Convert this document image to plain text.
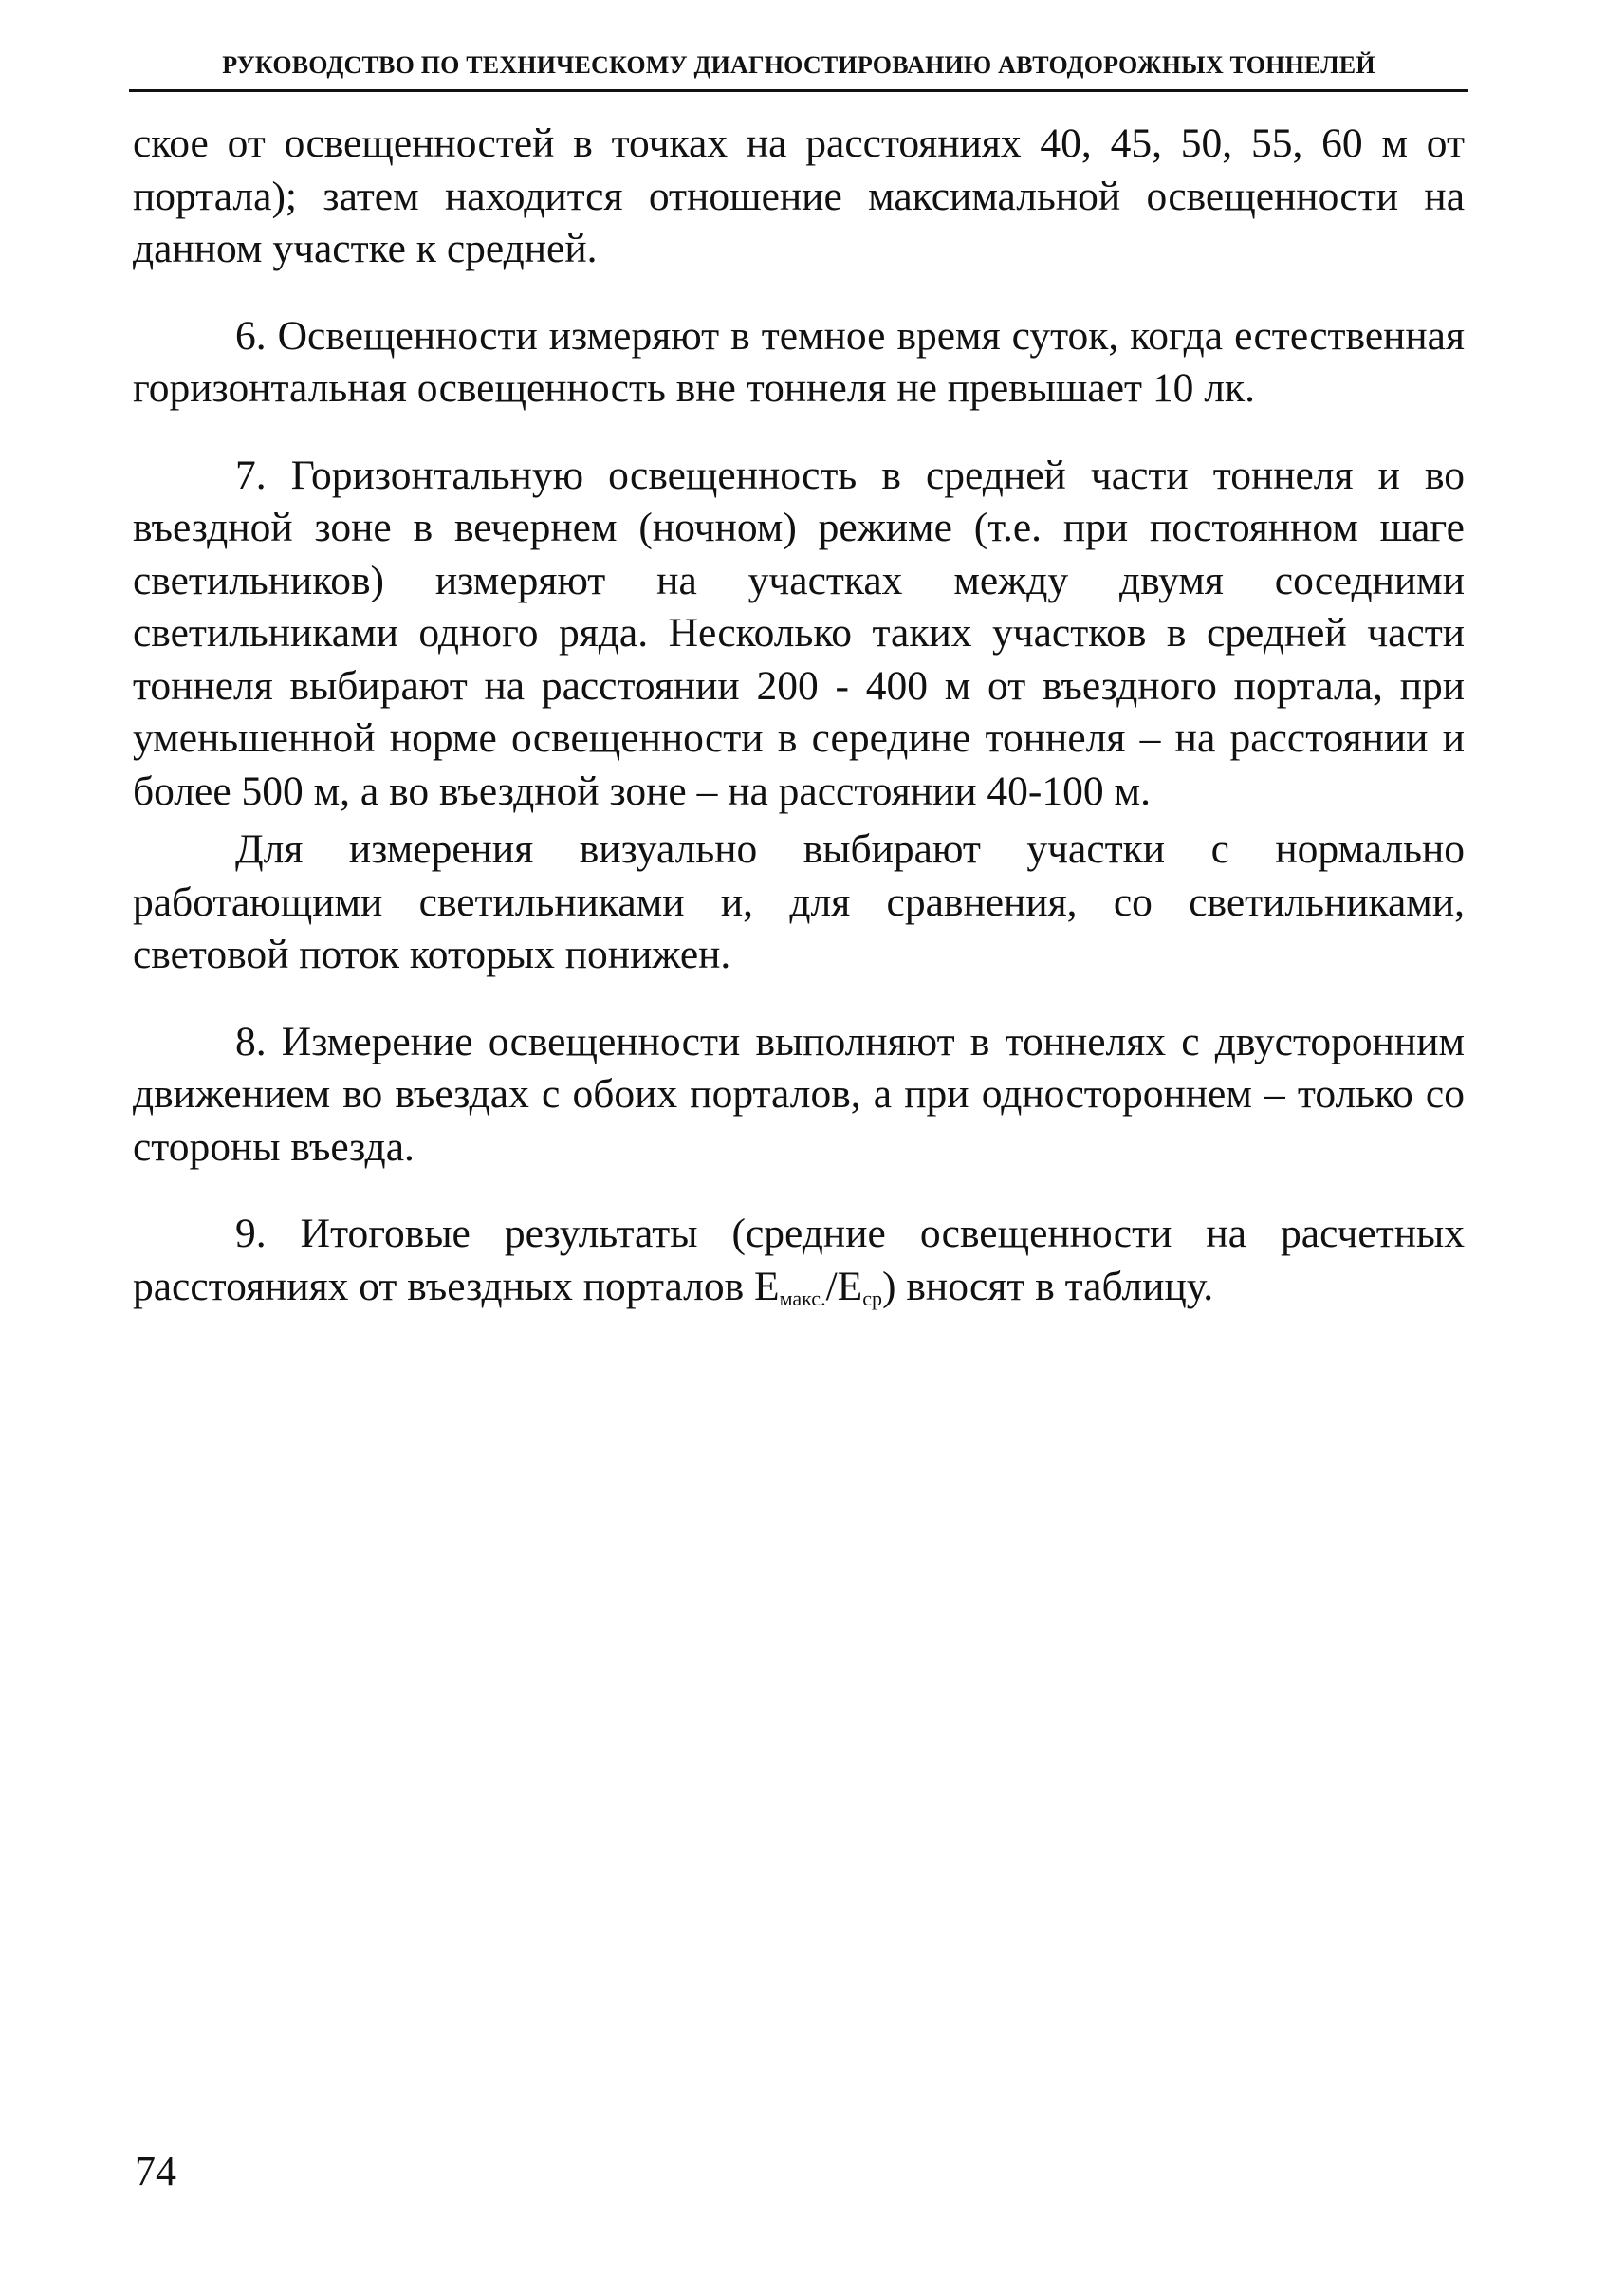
РУКОВОДСТВО ПО ТЕХНИЧЕСКОМУ ДИАГНОСТИРОВАНИЮ АВТОДОРОЖНЫХ ТОННЕЛЕЙ

ское от освещенностей в точках на расстояниях 40, 45, 50, 55, 60 м от портала); затем находится отношение максимальной освещенности на данном участке к средней.

6. Освещенности измеряют в темное время суток, когда естественная горизонтальная освещенность вне тоннеля не превышает 10 лк.

7. Горизонтальную освещенность в средней части тоннеля и во въездной зоне в вечернем (ночном) режиме (т.е. при постоянном шаге светильников) измеряют на участках между двумя соседними светильниками одного ряда. Несколько таких участков в средней части тоннеля выбирают на расстоянии 200 - 400 м от въездного портала, при уменьшенной норме освещенности в середине тоннеля – на расстоянии и более 500 м, а во въездной зоне – на расстоянии 40-100 м.

Для измерения визуально выбирают участки с нормально работающими светильниками и, для сравнения, со светильниками, световой поток которых понижен.

8. Измерение освещенности выполняют в тоннелях с двусторонним движением во въездах с обоих порталов, а при одностороннем – только со стороны въезда.

9. Итоговые результаты (средние освещенности на расчетных расстояниях от въездных порталов $E_{макс.}/E_{ср}$) вносят в таблицу.

74
